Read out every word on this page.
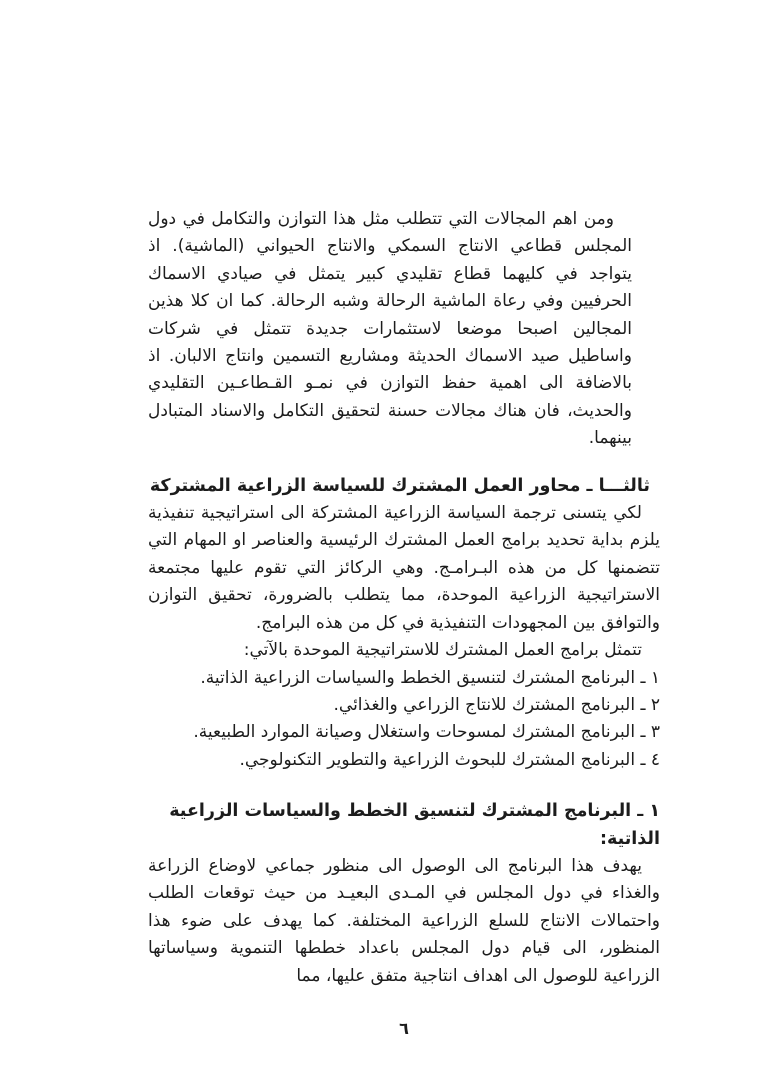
ومن اهم المجالات التي تتطلب مثل هذا التوازن والتكامل في دول المجلس قطاعي الانتاج السمكي والانتاج الحيواني (الماشية). اذ يتواجد في كليهما قطاع تقليدي كبير يتمثل في صيادي الاسماك الحرفيين وفي رعاة الماشية الرحالة وشبه الرحالة. كما ان كلا هذين المجالين اصبحا موضعا لاستثمارات جديدة تتمثل في شركات واساطيل صيد الاسماك الحديثة ومشاريع التسمين وانتاج الالبان. اذ بالاضافة الى اهمية حفظ التوازن في نمـو القـطاعـين التقليدي والحديث، فان هناك مجالات حسنة لتحقيق التكامل والاسناد المتبادل بينهما.

ثالثـــا ـ محاور العمل المشترك للسياسة الزراعية المشتركة

لكي يتسنى ترجمة السياسة الزراعية المشتركة الى استراتيجية تنفيذية يلزم بداية تحديد برامج العمل المشترك الرئيسية والعناصر او المهام التي تتضمنها كل من هذه البـرامـج. وهي الركائز التي تقوم عليها مجتمعة الاستراتيجية الزراعية الموحدة، مما يتطلب بالضرورة، تحقيق التوازن والتوافق بين المجهودات التنفيذية في كل من هذه البرامج.

تتمثل برامج العمل المشترك للاستراتيجية الموحدة بالآتي:

١ ـ البرنامج المشترك لتنسيق الخطط والسياسات الزراعية الذاتية.
٢ ـ البرنامج المشترك للانتاج الزراعي والغذائي.
٣ ـ البرنامج المشترك لمسوحات واستغلال وصيانة الموارد الطبيعية.
٤ ـ البرنامج المشترك للبحوث الزراعية والتطوير التكنولوجي.
١ ـ البرنامج المشترك لتنسيق الخطط والسياسات الزراعية الذاتية:

يهدف هذا البرنامج الى الوصول الى منظور جماعي لاوضاع الزراعة والغذاء في دول المجلس في المـدى البعيـد من حيث توقعات الطلب واحتمالات الانتاج للسلع الزراعية المختلفة. كما يهدف على ضوء هذا المنظور، الى قيام دول المجلس باعداد خططها التنموية وسياساتها الزراعية للوصول الى اهداف انتاجية متفق عليها، مما

٦
